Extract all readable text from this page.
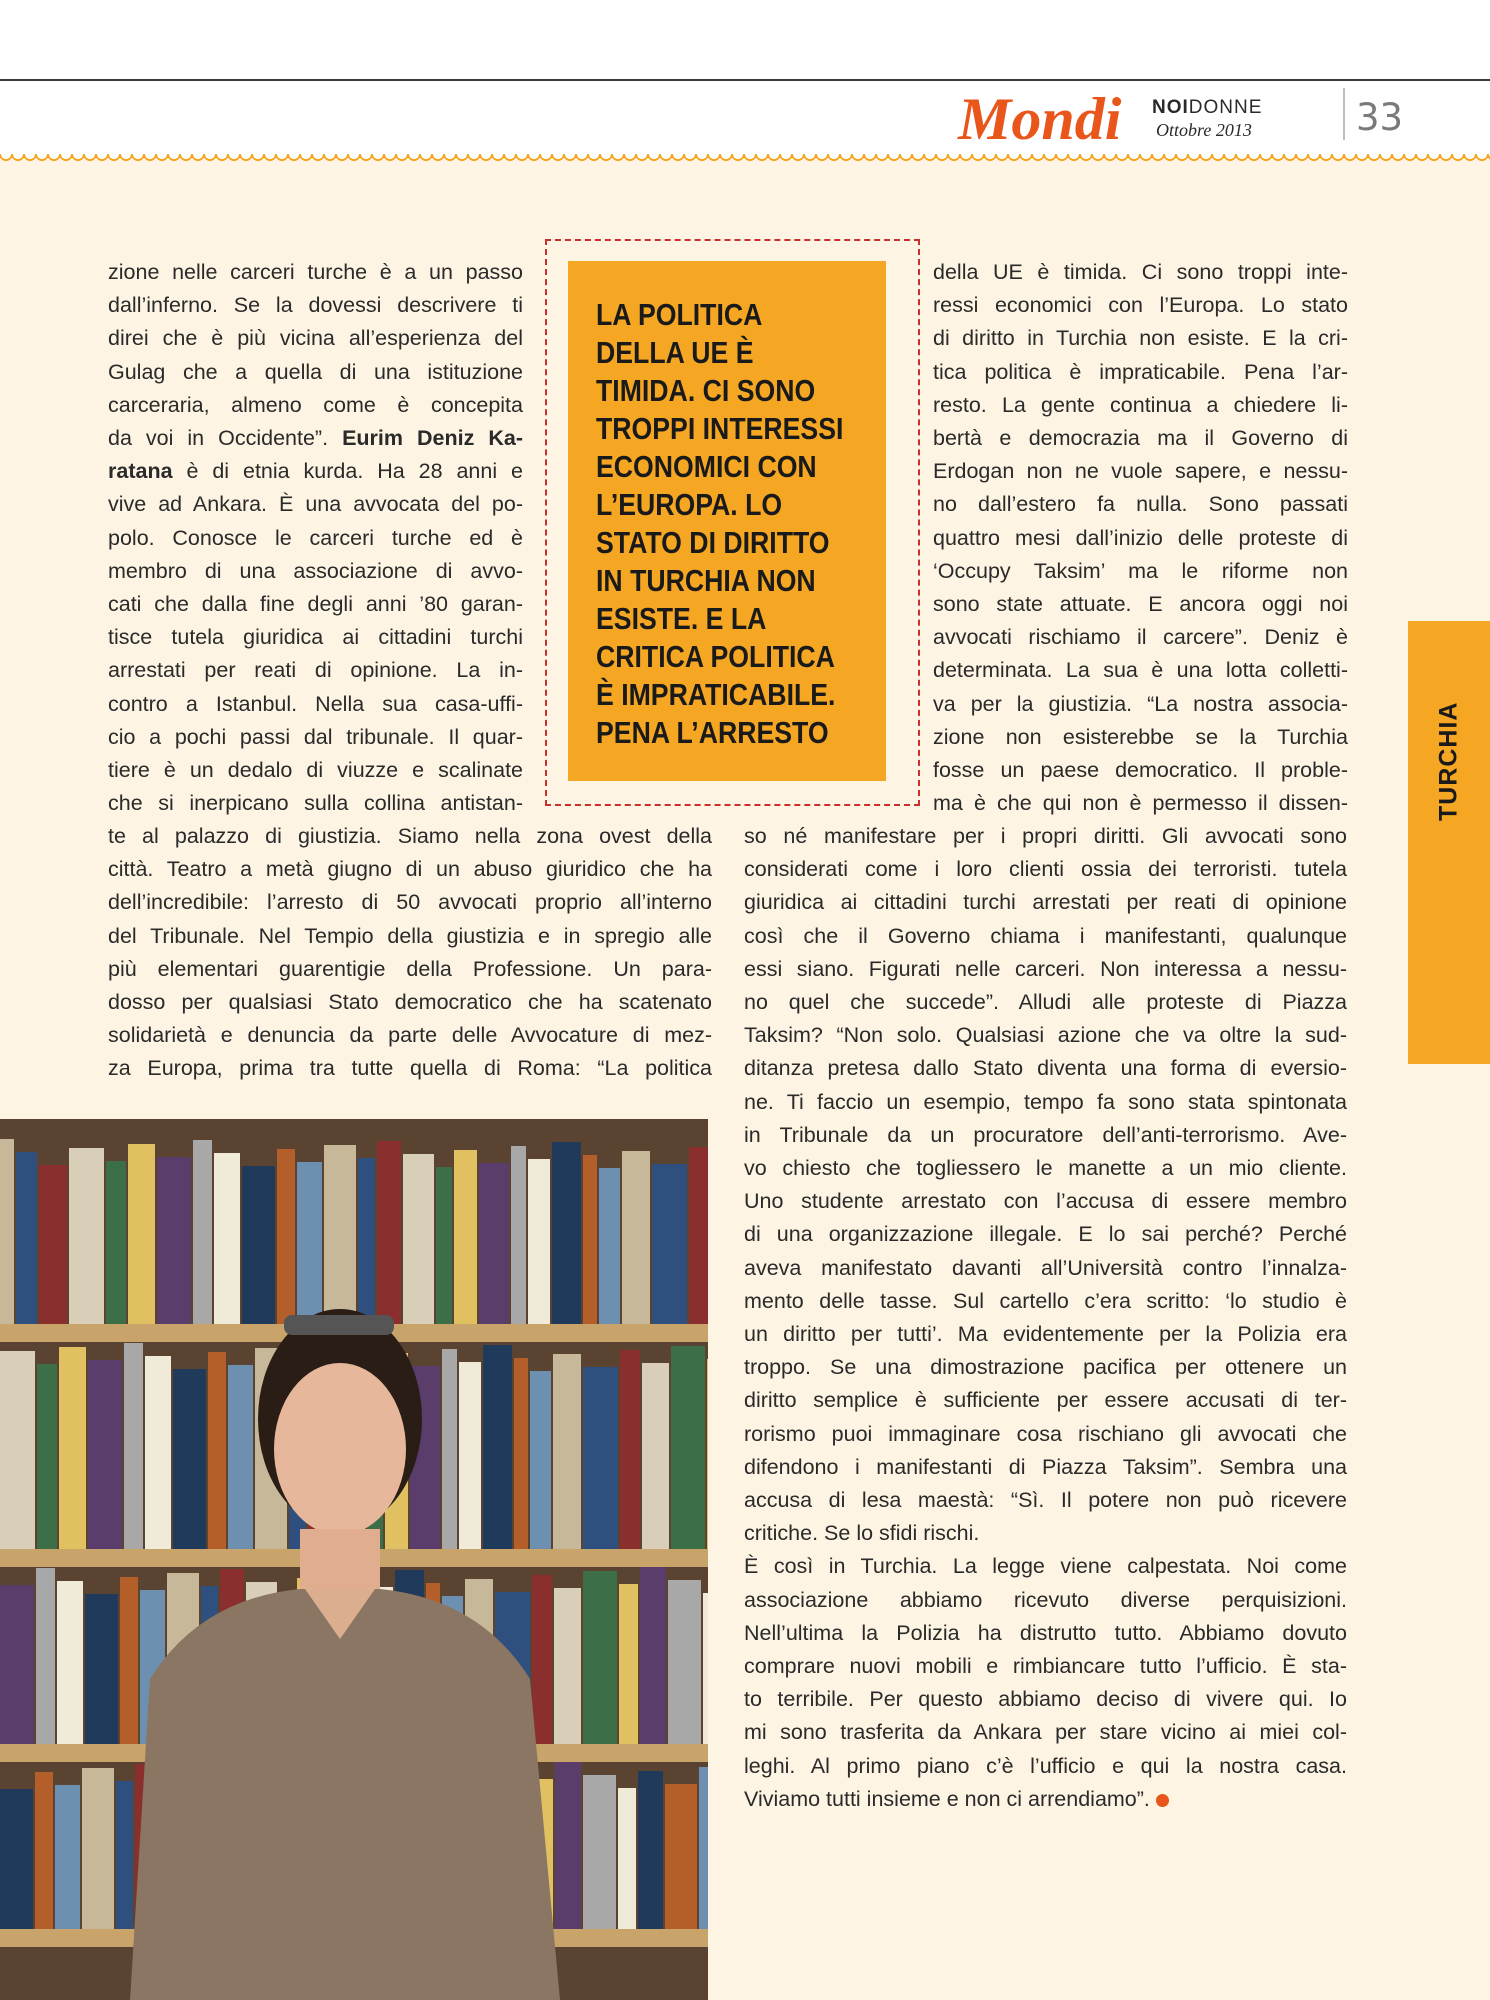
Mondi NOIDONNE
Ottobre 2013	33
TURCHIA
LA POLITICA
DELLA UE È
TIMIDA. CI SONO
TROPPI INTERESSI
ECONOMICI CON
L’EUROPA. LO
STATO DI DIRITTO
IN TURCHIA NON
ESISTE. E LA
CRITICA POLITICA
È IMPRATICABILE.
PENA L’ARRESTO
zione nelle carceri turche è a un passo
dall’inferno. Se la dovessi descrivere ti
direi che è più vicina all’esperienza del
Gulag che a quella di una istituzione
carceraria, almeno come è concepita
da voi in Occidente”. Eurim Deniz Ka-
ratana è di etnia kurda. Ha 28 anni e
vive ad Ankara. È una avvocata del po-
polo. Conosce le carceri turche ed è
membro di una associazione di avvo-
cati che dalla fine degli anni ’80 garan-
tisce tutela giuridica ai cittadini turchi
arrestati per reati di opinione. La in-
contro a Istanbul. Nella sua casa-uffi-
cio a pochi passi dal tribunale. Il quar-
tiere è un dedalo di viuzze e scalinate
che si inerpicano sulla collina antistan-
te al palazzo di giustizia. Siamo nella zona ovest della
città. Teatro a metà giugno di un abuso giuridico che ha
dell’incredibile: l’arresto di 50 avvocati proprio all’interno
del Tribunale. Nel Tempio della giustizia e in spregio alle
più elementari guarentigie della Professione. Un para-
dosso per qualsiasi Stato democratico che ha scatenato
solidarietà e denuncia da parte delle Avvocature di mez-
za Europa, prima tra tutte quella di Roma: “La politica
della UE è timida. Ci sono troppi inte-
ressi economici con l’Europa. Lo stato
di diritto in Turchia non esiste. E la cri-
tica politica è impraticabile. Pena l’ar-
resto. La gente continua a chiedere li-
bertà e democrazia ma il Governo di
Erdogan non ne vuole sapere, e nessu-
no dall’estero fa nulla. Sono passati
quattro mesi dall’inizio delle proteste di
‘Occupy Taksim’ ma le riforme non
sono state attuate. E ancora oggi noi
avvocati rischiamo il carcere”. Deniz è
determinata. La sua è una lotta colletti-
va per la giustizia. “La nostra associa-
zione non esisterebbe se la Turchia
fosse un paese democratico. Il proble-
ma è che qui non è permesso il dissen-
so né manifestare per i propri diritti. Gli avvocati sono
considerati come i loro clienti ossia dei terroristi. tutela
giuridica ai cittadini turchi arrestati per reati di opinione
così che il Governo chiama i manifestanti, qualunque
essi siano. Figurati nelle carceri. Non interessa a nessu-
no quel che succede”. Alludi alle proteste di Piazza
Taksim? “Non solo. Qualsiasi azione che va oltre la sud-
ditanza pretesa dallo Stato diventa una forma di eversio-
ne. Ti faccio un esempio, tempo fa sono stata spintonata
in Tribunale da un procuratore dell’anti-terrorismo. Ave-
vo chiesto che togliessero le manette a un mio cliente.
Uno studente arrestato con l’accusa di essere membro
di una organizzazione illegale. E lo sai perché? Perché
aveva manifestato davanti all’Università contro l’innalza-
mento delle tasse. Sul cartello c’era scritto: ‘lo studio è
un diritto per tutti’. Ma evidentemente per la Polizia era
troppo. Se una dimostrazione pacifica per ottenere un
diritto semplice è sufficiente per essere accusati di ter-
rorismo puoi immaginare cosa rischiano gli avvocati che
difendono i manifestanti di Piazza Taksim”. Sembra una
accusa di lesa maestà: “Sì. Il potere non può ricevere
critiche. Se lo sfidi rischi.
È così in Turchia. La legge viene calpestata. Noi come
associazione abbiamo ricevuto diverse perquisizioni.
Nell’ultima la Polizia ha distrutto tutto. Abbiamo dovuto
comprare nuovi mobili e rimbiancare tutto l’ufficio. È sta-
to terribile. Per questo abbiamo deciso di vivere qui. Io
mi sono trasferita da Ankara per stare vicino ai miei col-
leghi. Al primo piano c’è l’ufficio e qui la nostra casa.
Viviamo tutti insieme e non ci arrendiamo”.
